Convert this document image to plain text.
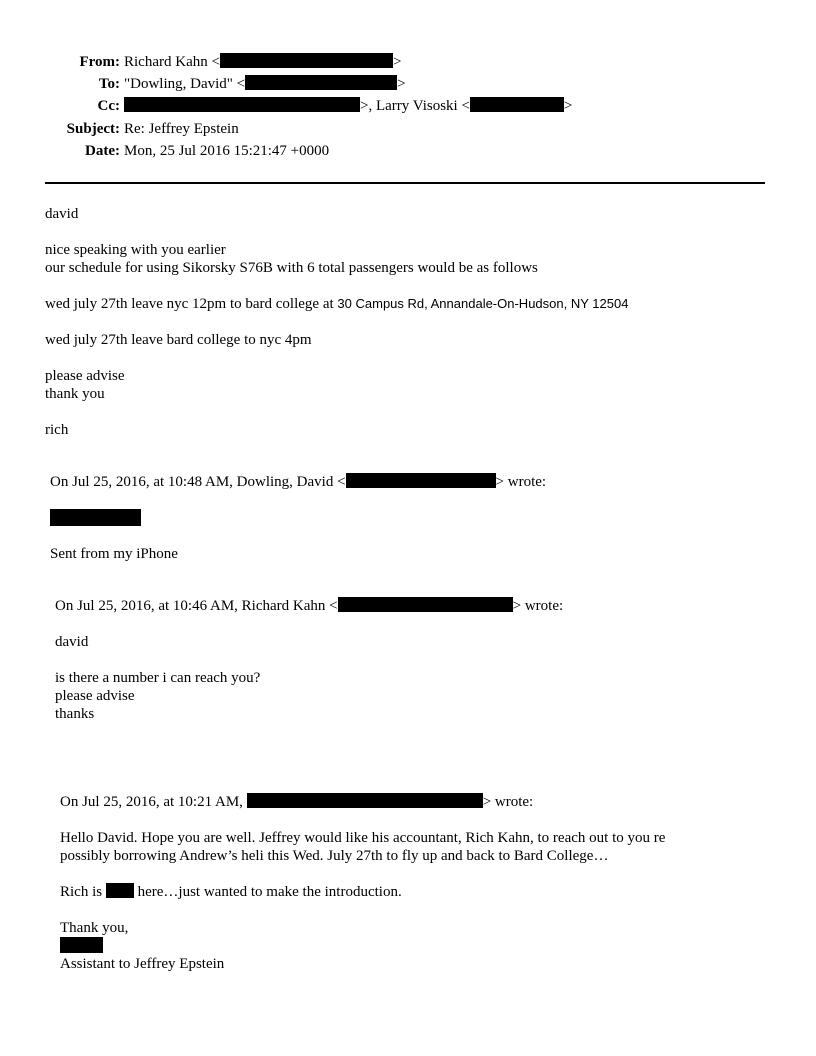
From: Richard Kahn <	>
To: "Dowling, David" <	>
Cc:	>, Larry Visoski <	>
Subject: Re: Jeffrey Epstein
Date: Mon, 25 Jul 2016 15:21:47 +0000
david
nice speaking with you earlier
our schedule for using Sikorsky S76B with 6 total passengers would be as follows
wed july 27th leave nyc 12pm to bard college at 30 Campus Rd, Annandale-On-Hudson, NY 12504
wed july 27th leave bard college to nyc 4pm
please advise
thank you
rich
On Jul 25, 2016, at 10:48 AM, Dowling, David <	> wrote:
Sent from my iPhone
On Jul 25, 2016, at 10:46 AM, Richard Kahn <	> wrote:
david
is there a number i can reach you?
please advise
thanks
On Jul 25, 2016, at 10:21 AM,	> wrote:
Hello David. Hope you are well. Jeffrey would like his accountant, Rich Kahn, to reach out to you re
possibly borrowing Andrew’s heli this Wed. July 27th to fly up and back to Bard College…
Rich is  here…just wanted to make the introduction.
Thank you,
Assistant to Jeffrey Epstein
